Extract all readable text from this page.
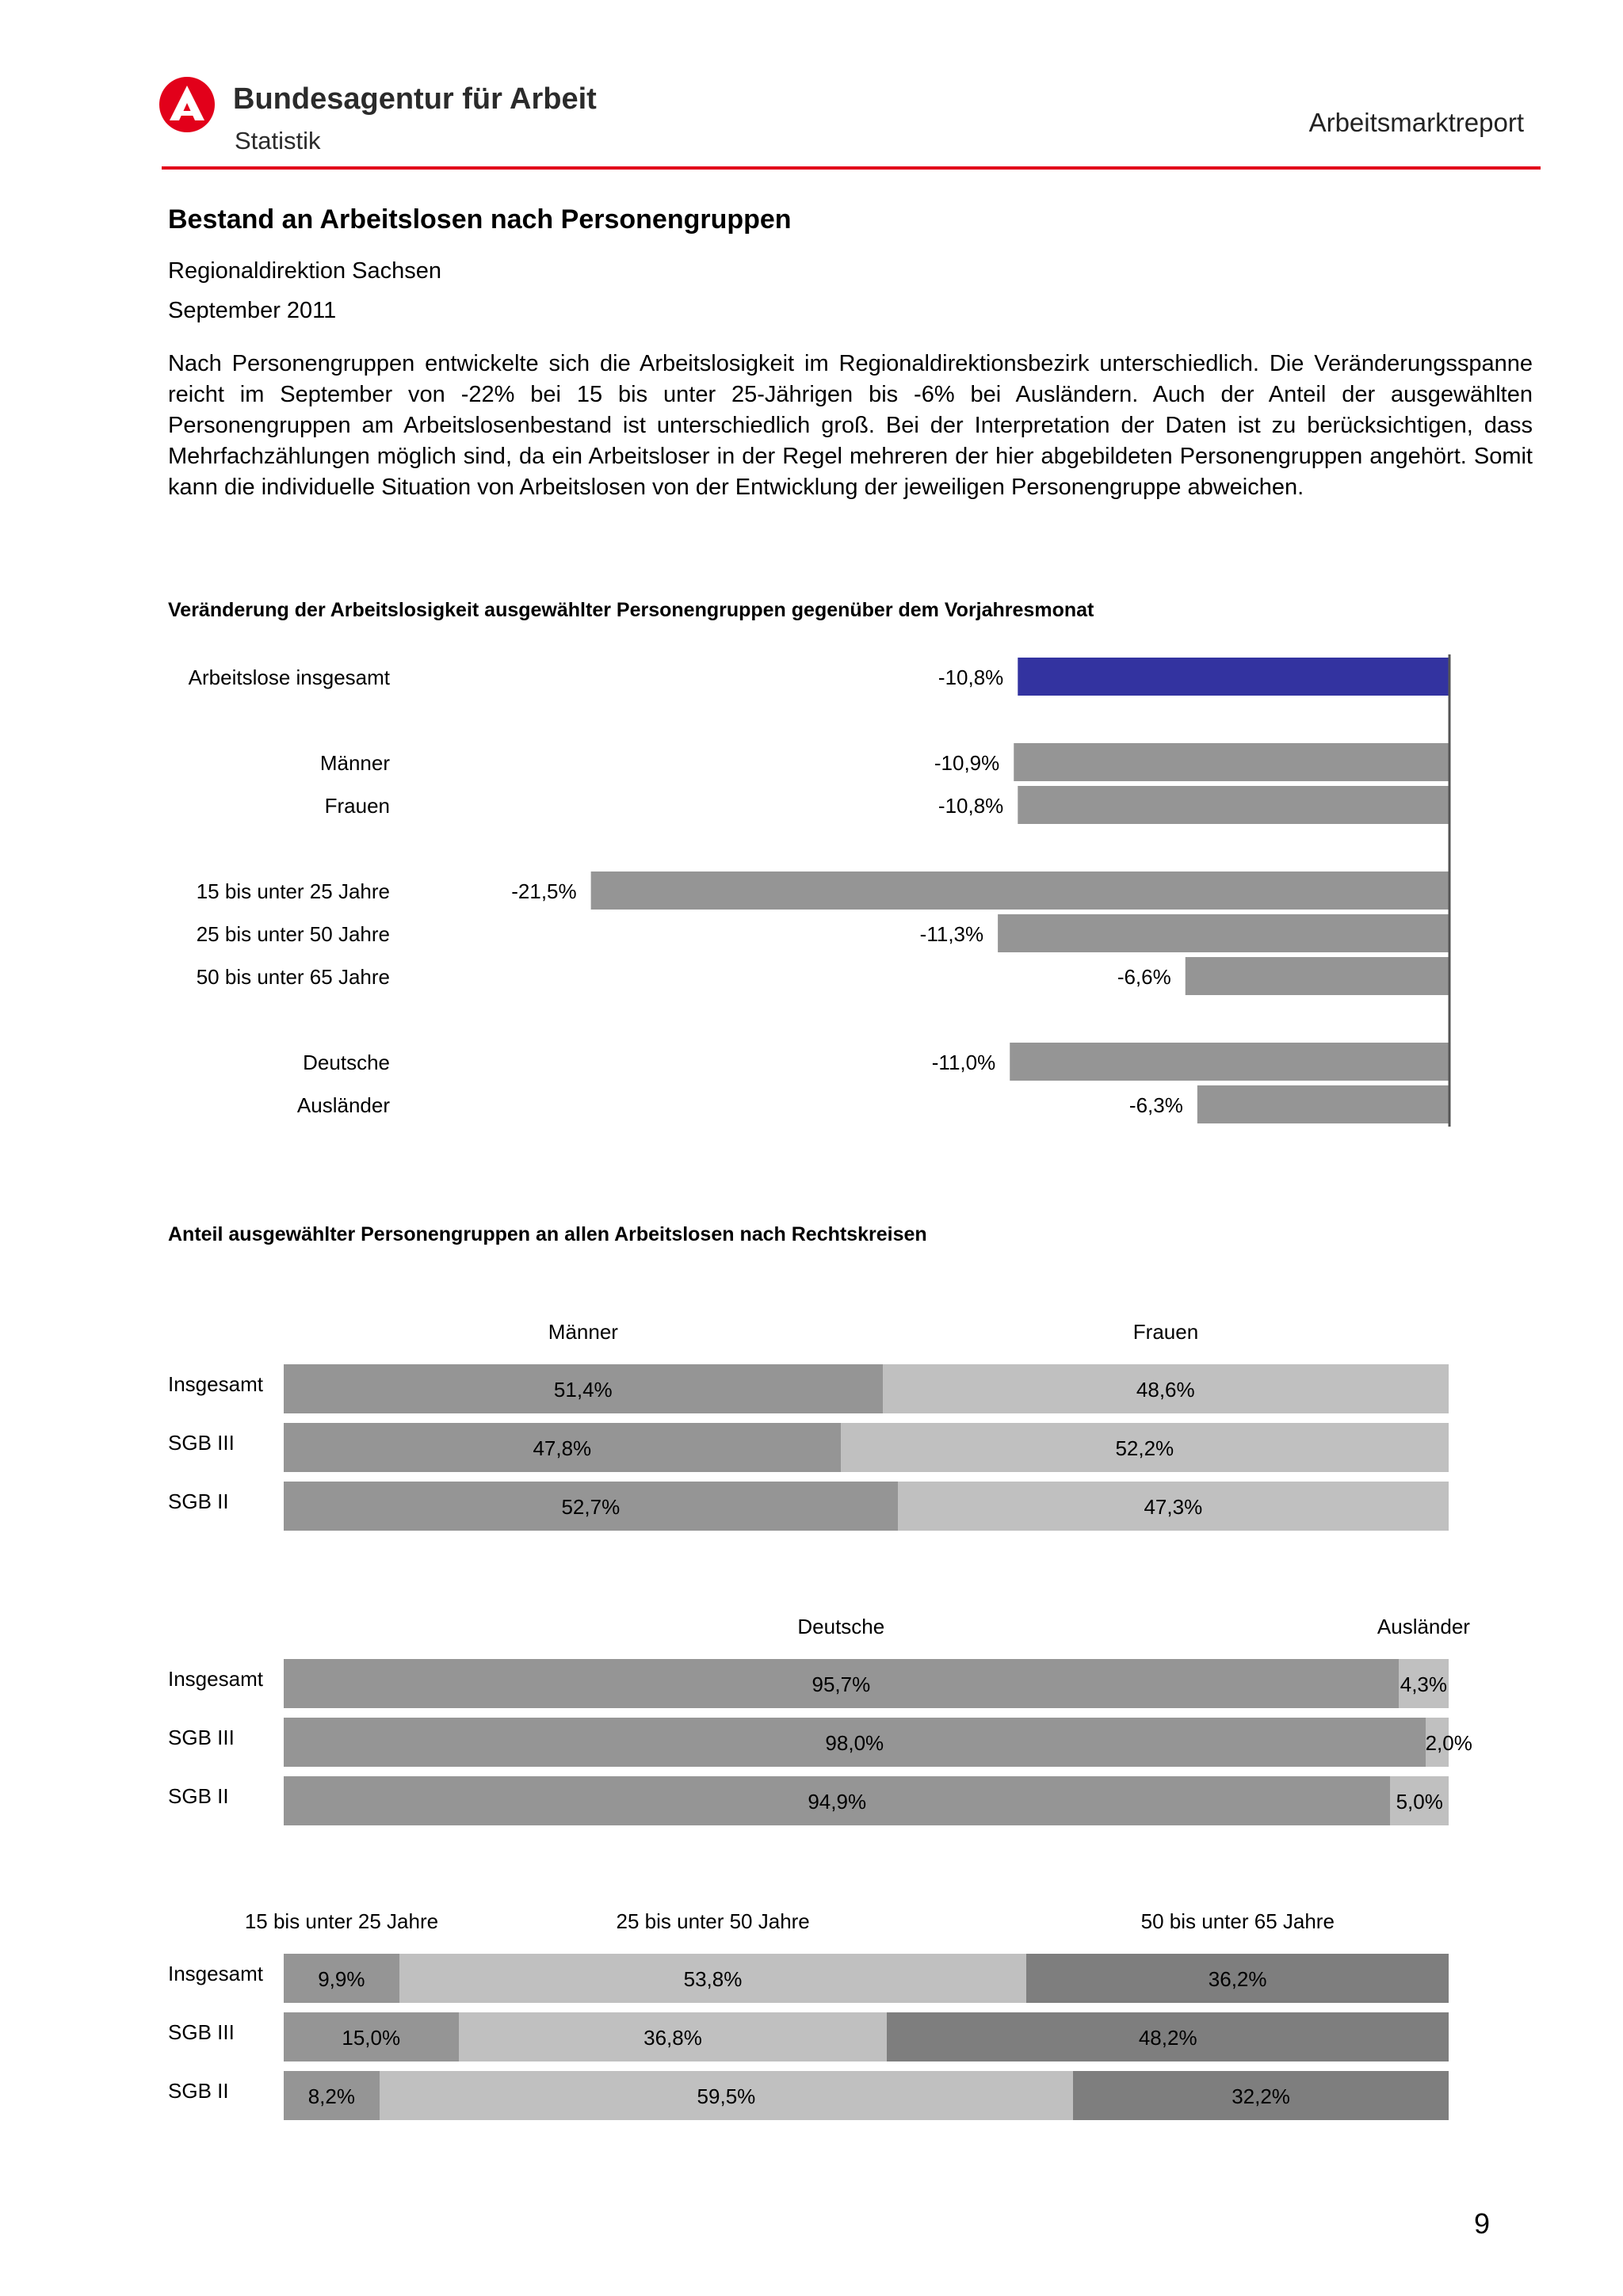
Bundesagentur für Arbeit
Statistik
Arbeitsmarktreport
Bestand an Arbeitslosen nach Personengruppen
Regionaldirektion Sachsen
September 2011
Nach Personengruppen entwickelte sich die Arbeitslosigkeit im Regionaldirektionsbezirk unterschiedlich. Die Veränderungsspanne reicht im September von -22% bei 15 bis unter 25-Jährigen bis -6% bei Ausländern. Auch der Anteil der ausgewählten Personengruppen am Arbeitslosenbestand ist unterschiedlich groß. Bei der Interpretation der Daten ist zu berücksichtigen, dass Mehrfachzählungen möglich sind, da ein Arbeitsloser in der Regel mehreren der hier abgebildeten Personengruppen angehört. Somit kann die individuelle Situation von Arbeitslosen von der Entwicklung der jeweiligen Personengruppe abweichen.
Veränderung der Arbeitslosigkeit ausgewählter Personengruppen gegenüber dem Vorjahresmonat
-10,8%
Arbeitslose insgesamt
-10,9%
Männer
-10,8%
Frauen
-21,5%
15 bis unter 25 Jahre
-11,3%
25 bis unter 50 Jahre
-6,6%
50 bis unter 65 Jahre
-11,0%
Deutsche
-6,3%
Ausländer
Anteil ausgewählter Personengruppen an allen Arbeitslosen nach Rechtskreisen
Männer	Frauen
Insgesamt	51,4%	48,6%
SGB III	47,8%	52,2%
SGB II	52,7%	47,3%
Deutsche	Ausländer
Insgesamt	95,7%	4,3%
SGB III	98,0%	2,0%
SGB II	94,9%	5,0%
15 bis unter 25 Jahre	25 bis unter 50 Jahre	50 bis unter 65 Jahre
Insgesamt	9,9%	53,8%	36,2%
SGB III	15,0%	36,8%	48,2%
SGB II	8,2%	59,5%	32,2%
9
